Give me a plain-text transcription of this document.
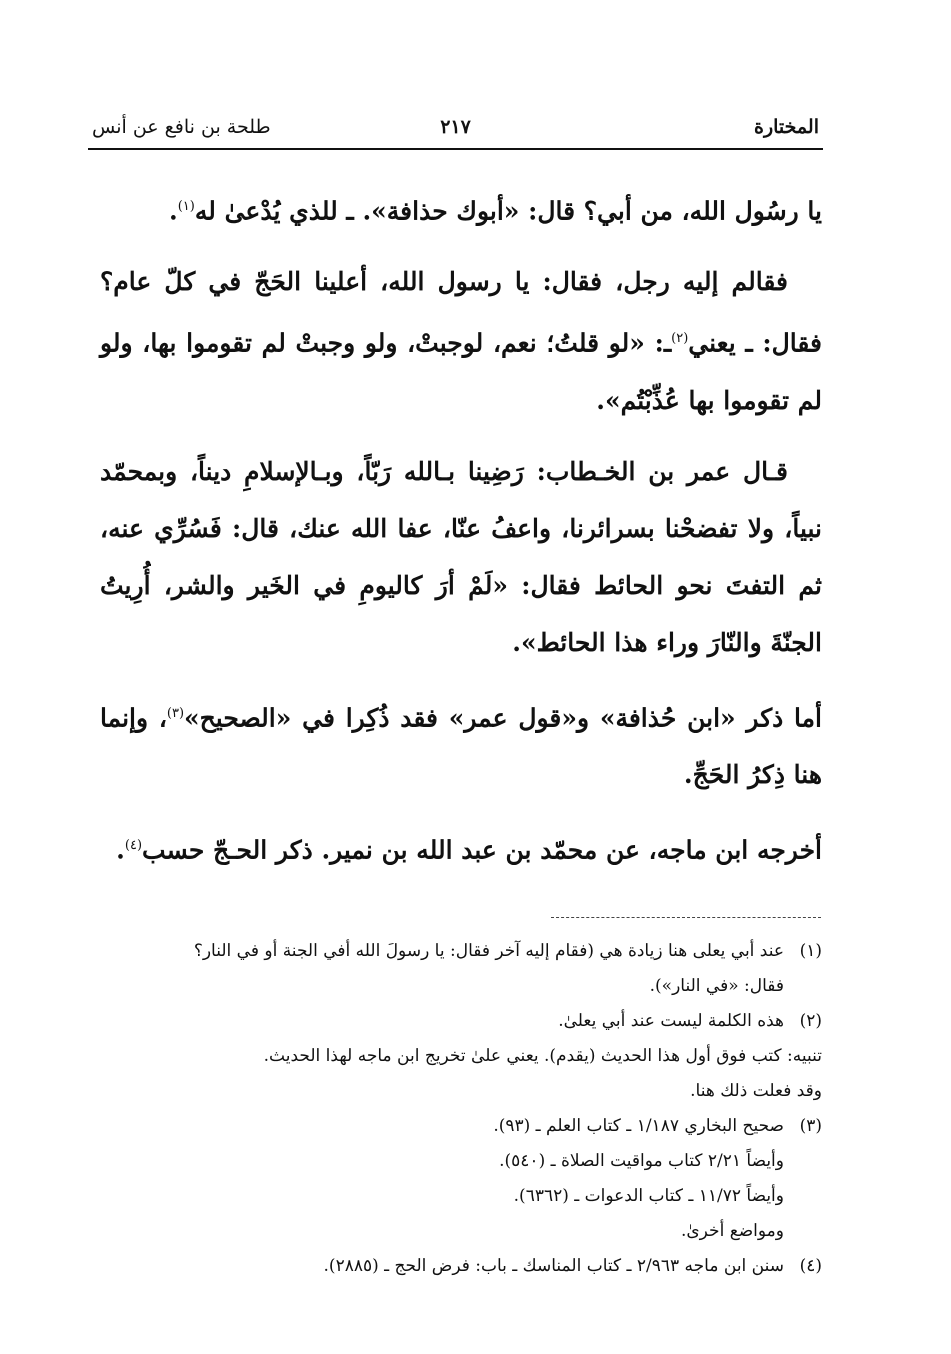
المختارة
٢١٧
طلحة بن نافع عن أنس

يا رسُول الله، من أبي؟ قال: «أبوك حذافة». ـ للذي يُدْعىٰ له$^{(١)}$.

فقالم إليه رجل، فقال: يا رسول الله، أعلينا الحَجّ في كلّ عام؟ فقال: ـ يعني$^{(٢)}$ـ: «لو قلتُ؛ نعم، لوجبتْ، ولو وجبتْ لم تقوموا بها، ولو لم تقوموا بها عُذِّبْتُم».

قـال عمر بن الخـطاب: رَضِينا بـالله رَبّاً، وبـالإسلامِ ديناً، وبمحمّد نبياً، ولا تفضحْنا بسرائرنا، واعفُ عنّا، عفا الله عنك، قال: فَسُرِّي عنه، ثم التفتَ نحو الحائط فقال: «لَمْ أرَ كاليومِ في الخَير والشر، أُرِيتُ الجنّةَ والنّارَ وراء هذا الحائط».

أما ذكر «ابن حُذافة» و«قول عمر» فقد ذُكِرا في «الصحيح»$^{(٣)}$، وإنما هنا ذِكرُ الحَجِّ.

أخرجه ابن ماجه، عن محمّد بن عبد الله بن نمير. ذكر الحـجّ حسب$^{(٤)}$.

(١)
عند أبي يعلى هنا زيادة هي (فقام إليه آخر فقال: يا رسولَ الله أفي الجنة أو في النار؟
فقال: «في النار»).
(٢)
هذه الكلمة ليست عند أبي يعلىٰ.
تنبيه: كتب فوق أول هذا الحديث (يقدم). يعني علىٰ تخريج ابن ماجه لهذا الحديث.
وقد فعلت ذلك هنا.
(٣)
صحيح البخاري ١/١٨٧ ـ كتاب العلم ـ (٩٣).
وأيضاً ٢/٢١ كتاب مواقيت الصلاة ـ (٥٤٠).
وأيضاً ١١/٧٢ ـ كتاب الدعوات ـ (٦٣٦٢).
ومواضع أخرىٰ.
(٤)
سنن ابن ماجه ٢/٩٦٣ ـ كتاب المناسك ـ باب: فرض الحج ـ (٢٨٨٥).
